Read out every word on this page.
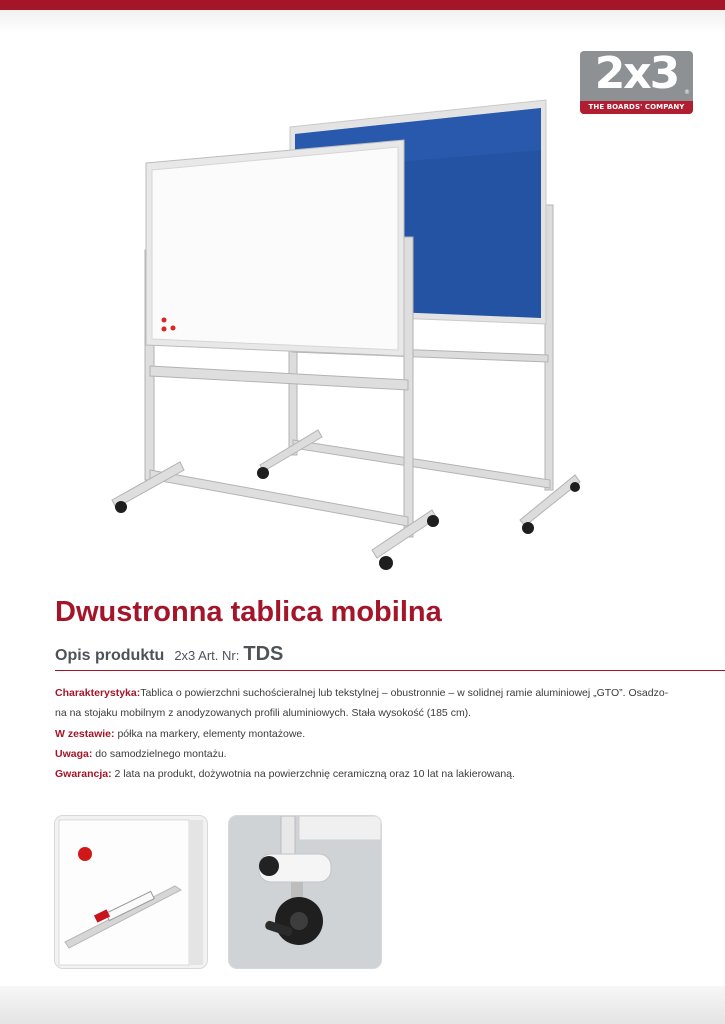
2x3 ®
THE BOARDS' COMPANY
Dwustronna tablica mobilna
Opis produktu 2x3 Art. Nr: TDS

Charakterystyka:Tablica o powierzchni suchościeralnej lub tekstylnej – obustronnie – w solidnej ramie aluminiowej „GTO”. Osadzo-

na na stojaku mobilnym z anodyzowanych profili aluminiowych. Stała wysokość (185 cm).

W zestawie: półka na markery, elementy montażowe.

Uwaga: do samodzielnego montażu.

Gwarancja: 2 lata na produkt, dożywotnia na powierzchnię ceramiczną oraz 10 lat na lakierowaną.
